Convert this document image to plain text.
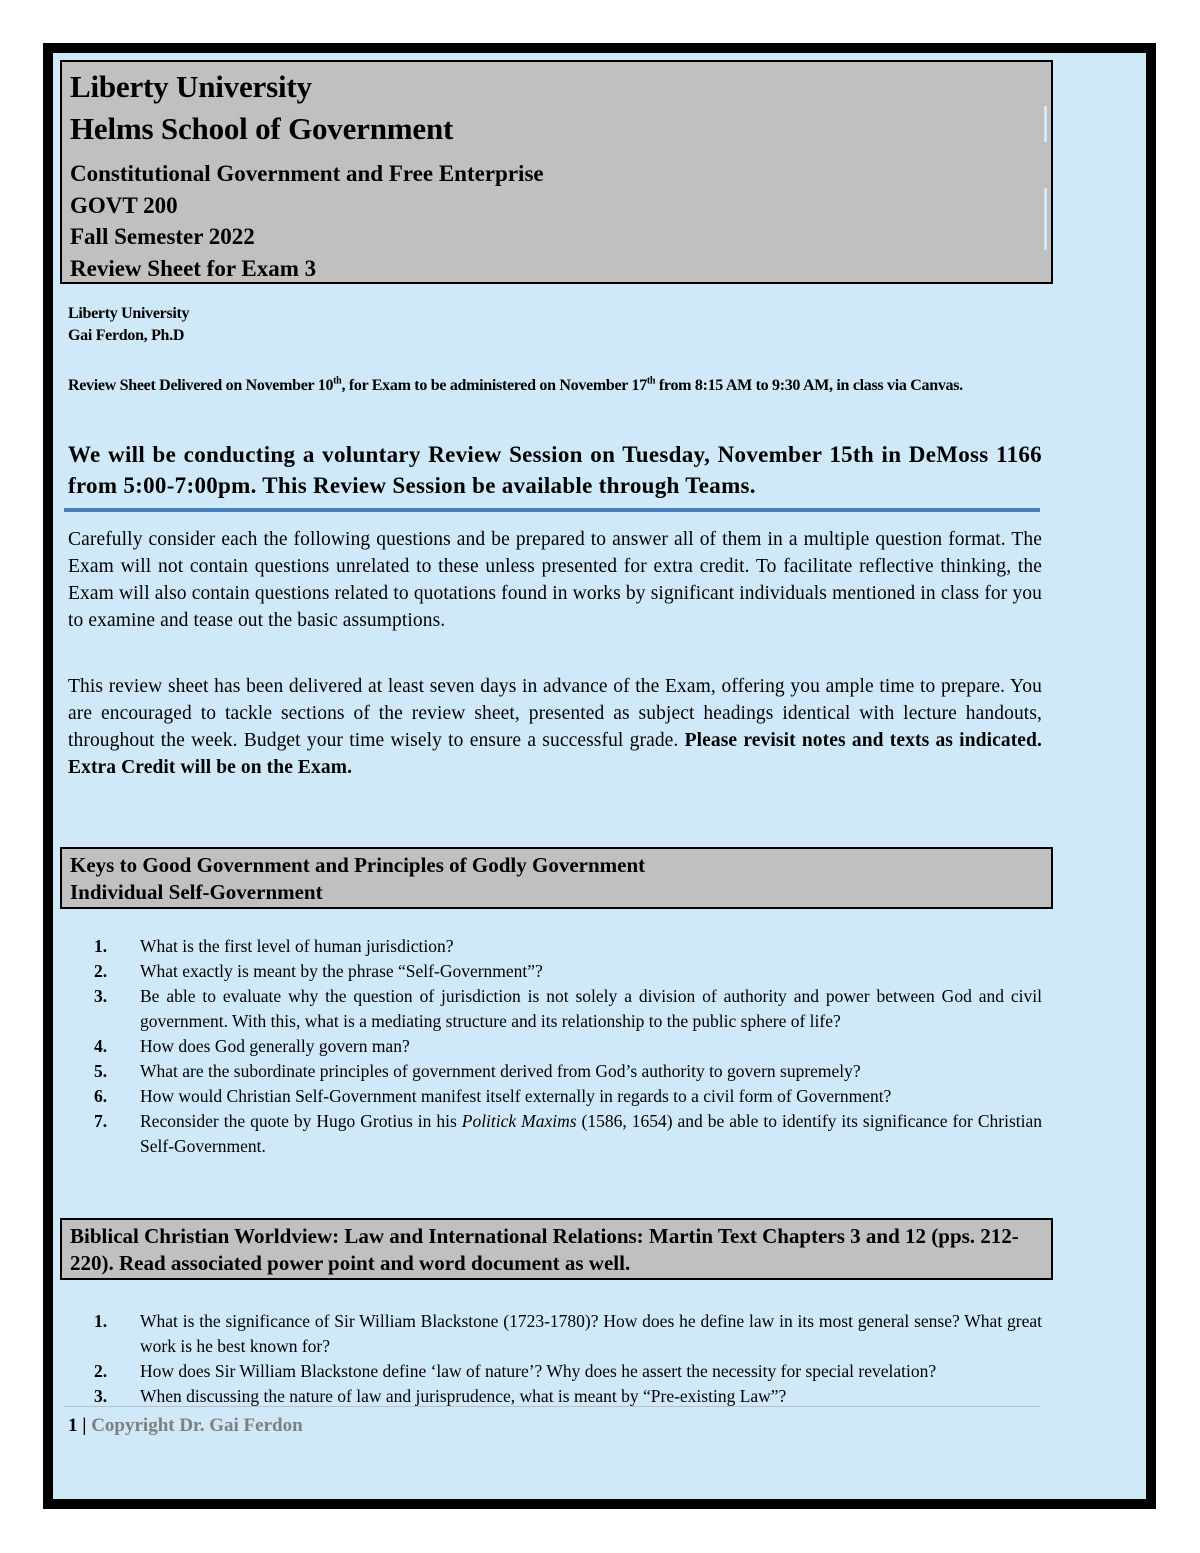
Liberty University
Helms School of Government
Constitutional Government and Free Enterprise
GOVT 200
Fall Semester 2022
Review Sheet for Exam 3
Liberty University
Gai Ferdon, Ph.D
Review Sheet Delivered on November 10th, for Exam to be administered on November 17th from 8:15 AM to 9:30 AM, in class via Canvas.
We will be conducting a voluntary Review Session on Tuesday, November 15th in DeMoss 1166 from 5:00-7:00pm. This Review Session be available through Teams.

Carefully consider each the following questions and be prepared to answer all of them in a multiple question format. The Exam will not contain questions unrelated to these unless presented for extra credit. To facilitate reflective thinking, the Exam will also contain questions related to quotations found in works by significant individuals mentioned in class for you to examine and tease out the basic assumptions.

This review sheet has been delivered at least seven days in advance of the Exam, offering you ample time to prepare. You are encouraged to tackle sections of the review sheet, presented as subject headings identical with lecture handouts, throughout the week. Budget your time wisely to ensure a successful grade. Please revisit notes and texts as indicated. Extra Credit will be on the Exam.

Keys to Good Government and Principles of Godly Government
Individual Self-Government
1. What is the first level of human jurisdiction?
2. What exactly is meant by the phrase “Self-Government”?
3. Be able to evaluate why the question of jurisdiction is not solely a division of authority and power between God and civil government. With this, what is a mediating structure and its relationship to the public sphere of life?
4. How does God generally govern man?
5. What are the subordinate principles of government derived from God’s authority to govern supremely?
6. How would Christian Self-Government manifest itself externally in regards to a civil form of Government?
7. Reconsider the quote by Hugo Grotius in his Politick Maxims (1586, 1654) and be able to identify its significance for Christian Self-Government.
Biblical Christian Worldview: Law and International Relations: Martin Text Chapters 3 and 12 (pps. 212-220). Read associated power point and word document as well.
1. What is the significance of Sir William Blackstone (1723-1780)? How does he define law in its most general sense? What great work is he best known for?
2. How does Sir William Blackstone define ‘law of nature’? Why does he assert the necessity for special revelation?
3. When discussing the nature of law and jurisprudence, what is meant by “Pre-existing Law”?
1 | Copyright Dr. Gai Ferdon
